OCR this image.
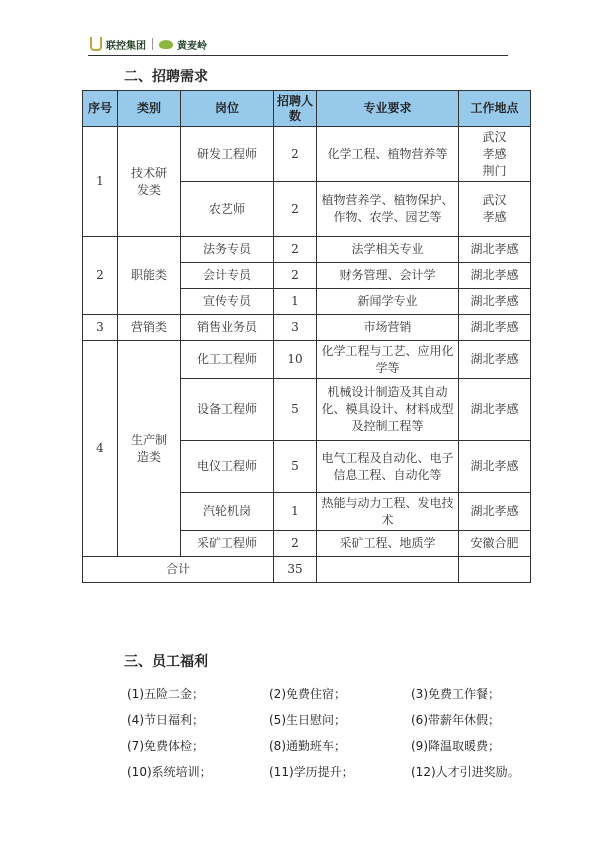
联控集团	黄麦岭
二、招聘需求
序号	类别	岗位	招聘人数	专业要求	工作地点
1	技术研发类	研发工程师	2	化学工程、植物营养等	武汉
孝感
荆门
		农艺师	2	植物营养学、植物保护、作物、农学、园艺等	武汉
孝感
2	职能类	法务专员	2	法学相关专业	湖北孝感
		会计专员	2	财务管理、会计学	湖北孝感
		宣传专员	1	新闻学专业	湖北孝感
3	营销类	销售业务员	3	市场营销	湖北孝感
4	生产制造类	化工工程师	10	化学工程与工艺、应用化学等	湖北孝感
		设备工程师	5	机械设计制造及其自动化、模具设计、材料成型及控制工程等	湖北孝感
		电仪工程师	5	电气工程及自动化、电子信息工程、自动化等	湖北孝感
		汽轮机岗	1	热能与动力工程、发电技术	湖北孝感
		采矿工程师	2	采矿工程、地质学	安徽合肥
合计			35		
三、员工福利
(1)五险二金；	(2)免费住宿；	(3)免费工作餐；
(4)节日福利；	(5)生日慰问；	(6)带薪年休假；
(7)免费体检；	(8)通勤班车；	(9)降温取暖费；
(10)系统培训；	(11)学历提升；	(12)人才引进奖励。
